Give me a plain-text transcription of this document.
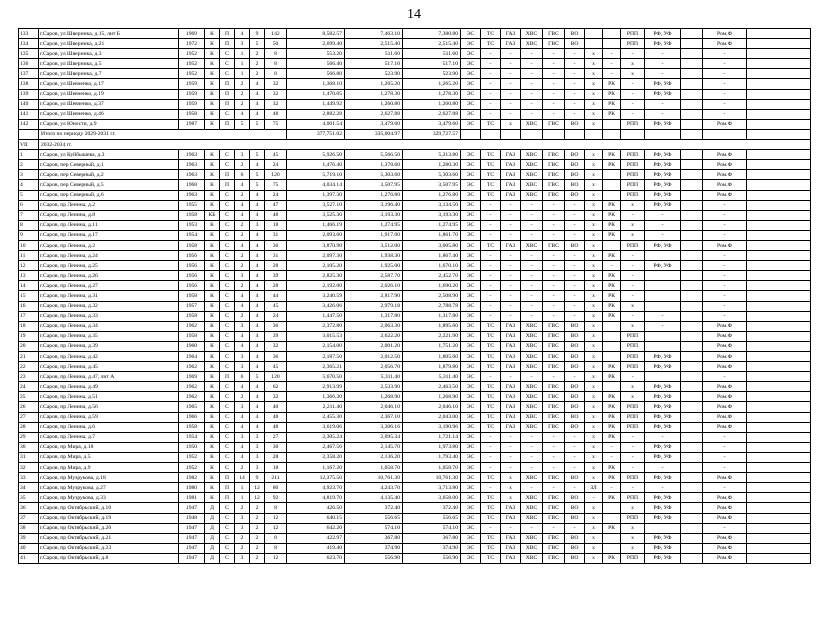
14
133	г.Саров, ул Шверника, д.15, лит Б	1969	К	П	4	9	142	8,582.57	7,463.10	7,380.80	ЭС	ТС	ГАЗ	ХВС	ГВС	ВО			РПП	РФ, УФ		Ром.Ф	
134	г.Саров, ул Шверника, д.21	1972	К	П	3	5	50	2,699.40	2,515.40	2,515.40	ЭС	ТС	ГАЗ	ХВС	ГВС	ВО			РПП	РФ, УФ		Ром.Ф	
135	г.Саров, ул Шверника, д.3	1952	К	С	1	2	8	553.20	511.60	511.60	ЭС	-	-	-	-	-	х	-	-	-		-	
136	г.Саров, ул Шверника, д.5	1952	К	С	1	2	8	566.40	517.10	517.10	ЭС	-	-	-	-	-	х	-	х	-		-	
137	г.Саров, ул Шверника, д.7	1952	К	С	1	2	8	566.80	523.90	523.90	ЭС	-	-	-	-	-	х	-	х	-		-	
138	г.Саров, ул Шевченко, д.17	1959	К	П	2	4	32	1,368.10	1,265.20	1,265.20	ЭС	-	-	-	-	-	х	РК	-	РФ, УФ		-	
139	г.Саров, ул Шевченко, д.19	1959	К	П	2	4	32	1,470.05	1,278.30	1,278.30	ЭС	-	-	-	-	-	х	РК	-	РФ, УФ		-	
140	г.Саров, ул Шевченко, д.37	1959	К	П	2	4	32	1,449.92	1,260.80	1,260.80	ЭС	-	-	-	-	-	х	РК	-	-		-	
141	г.Саров, ул Шевченко, д.46	1958	К	С	4	4	48	2,882.28	2,627.88	2,627.88	ЭС	-	-	-	-	-	х	РК	-	-		-	
142	г.Саров, ул Юности, д.9	1987	К	П	5	5	75	4,001.54	3,479.60	3,479.60	ЭС	ТС	х	ХВС	ГВС	ВО	х		РПП	РФ, УФ		Ром.Ф	
	Итого по периоду 2029-2031 гг.							377,751.02	335,004.97	329,727.57													
VII	2032-2034 гг.																						
1	г.Саров, ул Куйбышева, д.3	1963	К	С	3	5	45	5,926.50	5,566.50	5,213.80	ЭС	ТС	ГАЗ	ХВС	ГВС	ВО	х	РК	РПП	РФ, УФ		Ром.Ф	
2	г.Саров, пер Северный, д.1	1963	К	С	2	4	24	1,476.40	1,378.60	1,280.30	ЭС	ТС	ГАЗ	ХВС	ГВС	ВО	х	РК	РПП	РФ, УФ		Ром.Ф	
3	г.Саров, пер Северный, д.2	1963	К	П	6	5	120	5,719.10	5,303.60	5,303.60	ЭС	ТС	ГАЗ	ХВС	ГВС	ВО	х		РПП	РФ, УФ		Ром.Ф	
4	г.Саров, пер Северный, д.5	1968	К	П	4	5	75	4,034.14	3,507.95	3,507.95	ЭС	ТС	ГАЗ	ХВС	ГВС	ВО	х		РПП	РФ, УФ		Ром.Ф	
5	г.Саров, пер Северный, д.6	1963	К	С	2	4	24	1,397.30	1,276.80	1,276.80	ЭС	ТС	ГАЗ	ХВС	ГВС	ВО	х		РПП	РФ, УФ		Ром.Ф	
6	г.Саров, пр Ленина, д.2	1955	К	С	4	4	47	3,527.10	3,196.40	3,134.50	ЭС	-	-	-	-	-	х	РК	х	РФ, УФ		-	
7	г.Саров, пр Ленина, д.8	1958	КБ	С	4	4	48	3,525.30	3,193.30	3,193.30	ЭС	-	-	-	-	-	х	РК	-	-		-	
8	г.Саров, пр Ленина, д.11	1953	К	С	2	3	18	1,466.19	1,274.95	1,274.95	ЭС	-	-	-	-	-	х	РК	х	-		-	
9	г.Саров, пр Ленина, д.17	1954	К	С	2	4	31	2,093.60	1,917.00	1,861.70	ЭС	-	-	-	-	-	х	РК	х	-		-	
10	г.Саров, пр Ленина, д.2	1958	К	С	4	4	36	3,870.90	3,512.00	3,005.80	ЭС	ТС	ГАЗ	ХВС	ГВС	ВО	х		РПП	РФ, УФ		Ром.Ф	
11	г.Саров, пр Ленина, д.24	1956	К	С	2	4	31	2,097.30	1,938.30	1,867.40	ЭС	-	-	-	-	-	х	РК	-			-	
12	г.Саров, пр Ленина, д.25	1956	К	С	2	4	28	2,105.20	1,925.00	1,670.10	ЭС	-	-	-	-	-	х	-	-	РФ, УФ		-	
13	г.Саров, пр Ленина, д.26	1956	К	С	3	4	39	2,825.30	2,587.70	2,452.70	ЭС	-	-	-	-	-	х	РК	-			-	
14	г.Саров, пр Ленина, д.27	1956	К	С	2	4	28	2,192.00	2,026.10	1,690.20	ЭС	-	-	-	-	-	х	РК	-			-	
15	г.Саров, пр Ленина, д.31	1958	К	С	4	4	44	3,240.59	2,817.90	2,508.90	ЭС	-	-	-	-	-	х	РК	-			-	
16	г.Саров, пр Ленина, д.32	1957	К	С	4	4	45	3,426.06	2,979.18	2,788.78	ЭС	-	-	-	-	-	х	РК	х			-	
17	г.Саров, пр Ленина, д.33	1958	К	С	2	4	24	1,447.50	1,317.80	1,317.80	ЭС	-	-	-	-	-	х	РК	-	-		-	
18	г.Саров, пр Ленина, д.34	1962	К	С	3	4	36	2,372.80	2,063.30	1,895.60	ЭС	ТС	ГАЗ	ХВС	ГВС	ВО	х		х	-		Ром.Ф	
19	г.Саров, пр Ленина, д.35	1958	К	С	4	4	39	3,015.53	2,622.20	2,221.90	ЭС	ТС	ГАЗ	ХВС	ГВС	ВО	х		РПП			Ром.Ф	
20	г.Саров, пр Ленина, д.39	1960	К	С	4	4	32	2,154.00	2,001.20	1,751.20	ЭС	ТС	ГАЗ	ХВС	ГВС	ВО	х		РПП			Ром.Ф	
21	г.Саров, пр Ленина, д.42	1964	К	С	3	4	36	2,187.50	2,012.50	1,805.60	ЭС	ТС	ГАЗ	ХВС	ГВС	ВО	х		РПП	РФ, УФ		Ром.Ф	
22	г.Саров, пр Ленина, д.45	1962	К	С	3	4	45	2,365.21	2,056.70	1,879.80	ЭС	ТС	ГАЗ	ХВС	ГВС	ВО	х	РК	РПП	РФ, УФ		Ром.Ф	
23	г.Саров, пр Ленина, д.47, лит А	1969	К	П	6	5	120	5,670.50	5,311.40	5,311.40	ЭС	-	-	-	-	-	х	РК	-			-	
24	г.Саров, пр Ленина, д.49	1962	К	С	4	4	62	2,913.99	2,533.90	2,463.50	ЭС	ТС	ГАЗ	ХВС	ГВС	ВО	х		х	РФ, УФ		Ром.Ф	
25	г.Саров, пр Ленина, д.51	1962	К	С	2	4	32	1,366.30	1,268.90	1,268.90	ЭС	ТС	ГАЗ	ХВС	ГВС	ВО	х	РК	х	РФ, УФ		Ром.Ф	
26	г.Саров, пр Ленина, д.56	1965	К	С	3	4	40	2,211.40	2,046.10	2,046.10	ЭС	ТС	ГАЗ	ХВС	ГВС	ВО	х	РК	РПП	РФ, УФ		Ром.Ф	
27	г.Саров, пр Ленина, д.59	1966	К	С	4	4	48	2,455.30	2,367.10	2,043.00	ЭС	ТС	ГАЗ	ХВС	ГВС	ВО	х	РК	РПП	РФ, УФ		Ром.Ф	
28	г.Саров, пр Ленина, д.6	1958	К	С	4	4	48	3,619.06	3,306.16	3,190.96	ЭС	ТС	ГАЗ	ХВС	ГВС	ВО	х	РК	РПП	РФ, УФ		Ром.Ф	
29	г.Саров, пр Ленина, д.7	1954	К	С	3	3	27	2,305.24	2,095.34	1,721.14	ЭС	-	-	-	-	-	х	РК	-	-		-	
30	г.Саров, пр Мира, д.18	1950	К	С	4	3	30	2,467.56	2,145.70	1,973.80	ЭС	-	-	-	-	-	х	-	-	РФ, УФ		-	
31	г.Саров, пр Мира, д.5	1952	К	С	4	3	28	2,358.20	2,136.20	1,793.40	ЭС	-	-	-	-	-	х	-	-	РФ, УФ		-	
32	г.Саров, пр Мира, д.9	1952	К	С	2	3	18	1,167.20	1,058.70	1,058.70	ЭС	-	-	-	-	-	х	РК	-	-		-	
33	г.Саров, пр Музрукова, д.18	1982	К	П	14	9	211	12,375.50	10,761.30	10,761.30	ЭС	ТС	х	ХВС	ГВС	ВО	х	РК	РПП	РФ, УФ		Ром.Ф	
34	г.Саров, пр Музрукова, д.27	1980	К	П	1	12	80	4,923.70	4,243.70	3,713.80	ЭС	-	х	-	-	-	ЗЛ	-	-	-		-	
35	г.Саров, пр Музрукова, д.33	1981	К	П	1	12	92	4,819.70	4,135.40	3,658.00	ЭС	ТС	х	ХВС	ГВС	ВО	-	РК	РПП	РФ, УФ		Ром.Ф	
36	г.Саров, пр Октябрьский, д.10	1947	Д	С	2	2	8	426.50	372.40	372.40	ЭС	ТС	ГАЗ	ХВС	ГВС	ВО	х		х	РФ, УФ		Ром.Ф	
37	г.Саров, пр Октябрьский, д.19	1948	Д	С	3	2	12	640.15	556.65	556.65	ЭС	ТС	ГАЗ	ХВС	ГВС	ВО	х		РПП	РФ, УФ		Ром.Ф	
38	г.Саров, пр Октябрьский, д.20	1947	Д	С	3	2	12	642.20	574.10	574.10	ЭС	-	-	-	-	-	х	РК	х			-	
39	г.Саров, пр Октябрьский, д.21	1947	Д	С	2	2	8	422.97	367.80	367.80	ЭС	ТС	ГАЗ	ХВС	ГВС	ВО	х		х	РФ, УФ		Ром.Ф	
40	г.Саров, пр Октябрьский, д.23	1947	Д	С	2	2	8	419.40	374.90	374.90	ЭС	ТС	ГАЗ	ХВС	ГВС	ВО	х		х	РФ, УФ		Ром.Ф	
41	г.Саров, пр Октябрьский, д.8	1947	Д	С	3	2	12	623.70	556.90	556.90	ЭС	ТС	ГАЗ	ХВС	ГВС	ВО	х	РК	РПП	РФ, УФ		Ром.Ф	
